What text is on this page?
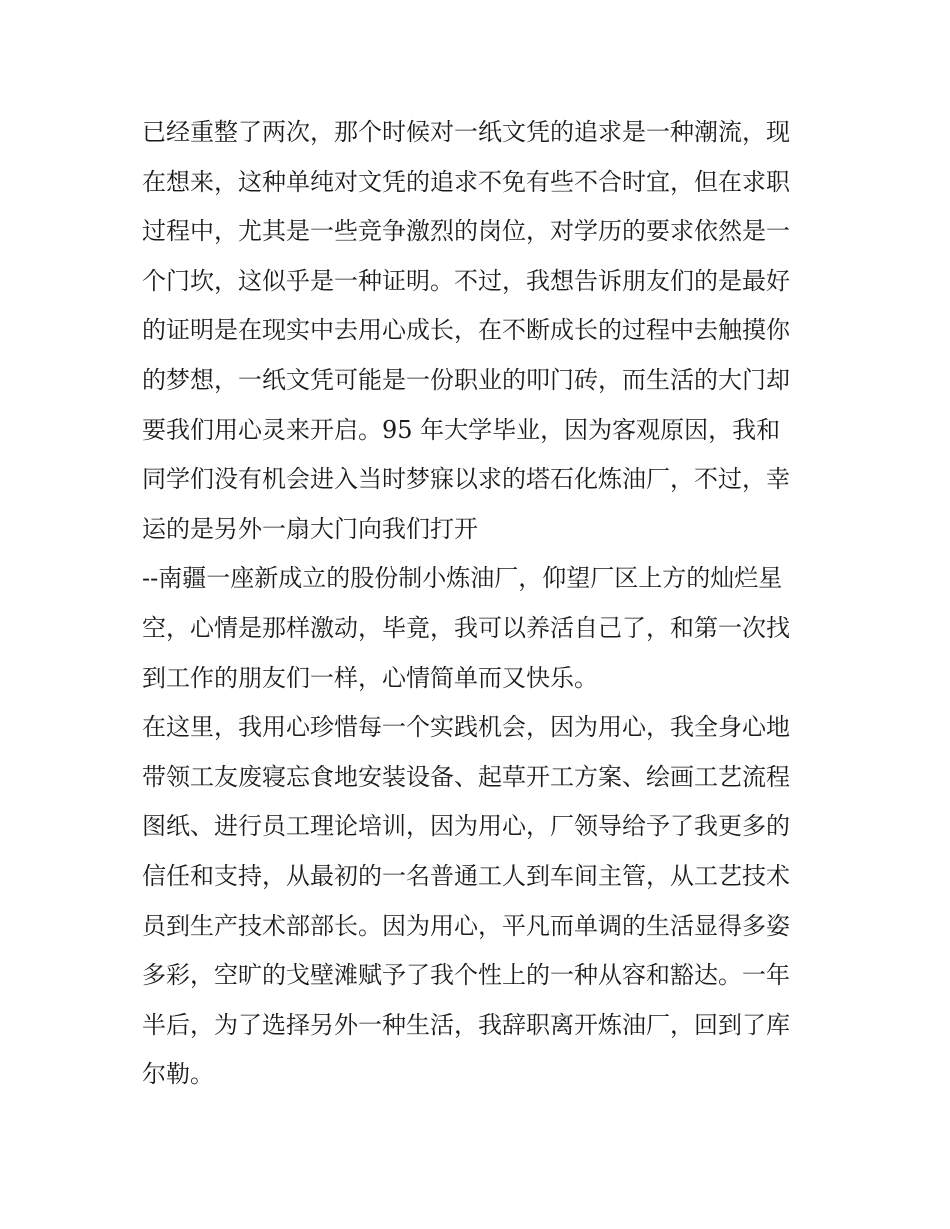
已经重整了两次，那个时候对一纸文凭的追求是一种潮流，现
在想来，这种单纯对文凭的追求不免有些不合时宜，但在求职
过程中，尤其是一些竞争激烈的岗位，对学历的要求依然是一
个门坎，这似乎是一种证明。不过，我想告诉朋友们的是最好
的证明是在现实中去用心成长，在不断成长的过程中去触摸你
的梦想，一纸文凭可能是一份职业的叩门砖，而生活的大门却
要我们用心灵来开启。95 年大学毕业，因为客观原因，我和
同学们没有机会进入当时梦寐以求的塔石化炼油厂，不过，幸
运的是另外一扇大门向我们打开
--南疆一座新成立的股份制小炼油厂，仰望厂区上方的灿烂星
空，心情是那样激动，毕竟，我可以养活自己了，和第一次找
到工作的朋友们一样，心情简单而又快乐。
在这里，我用心珍惜每一个实践机会，因为用心，我全身心地
带领工友废寝忘食地安装设备、起草开工方案、绘画工艺流程
图纸、进行员工理论培训，因为用心，厂领导给予了我更多的
信任和支持，从最初的一名普通工人到车间主管，从工艺技术
员到生产技术部部长。因为用心，平凡而单调的生活显得多姿
多彩，空旷的戈壁滩赋予了我个性上的一种从容和豁达。一年
半后，为了选择另外一种生活，我辞职离开炼油厂，回到了库
尔勒。
